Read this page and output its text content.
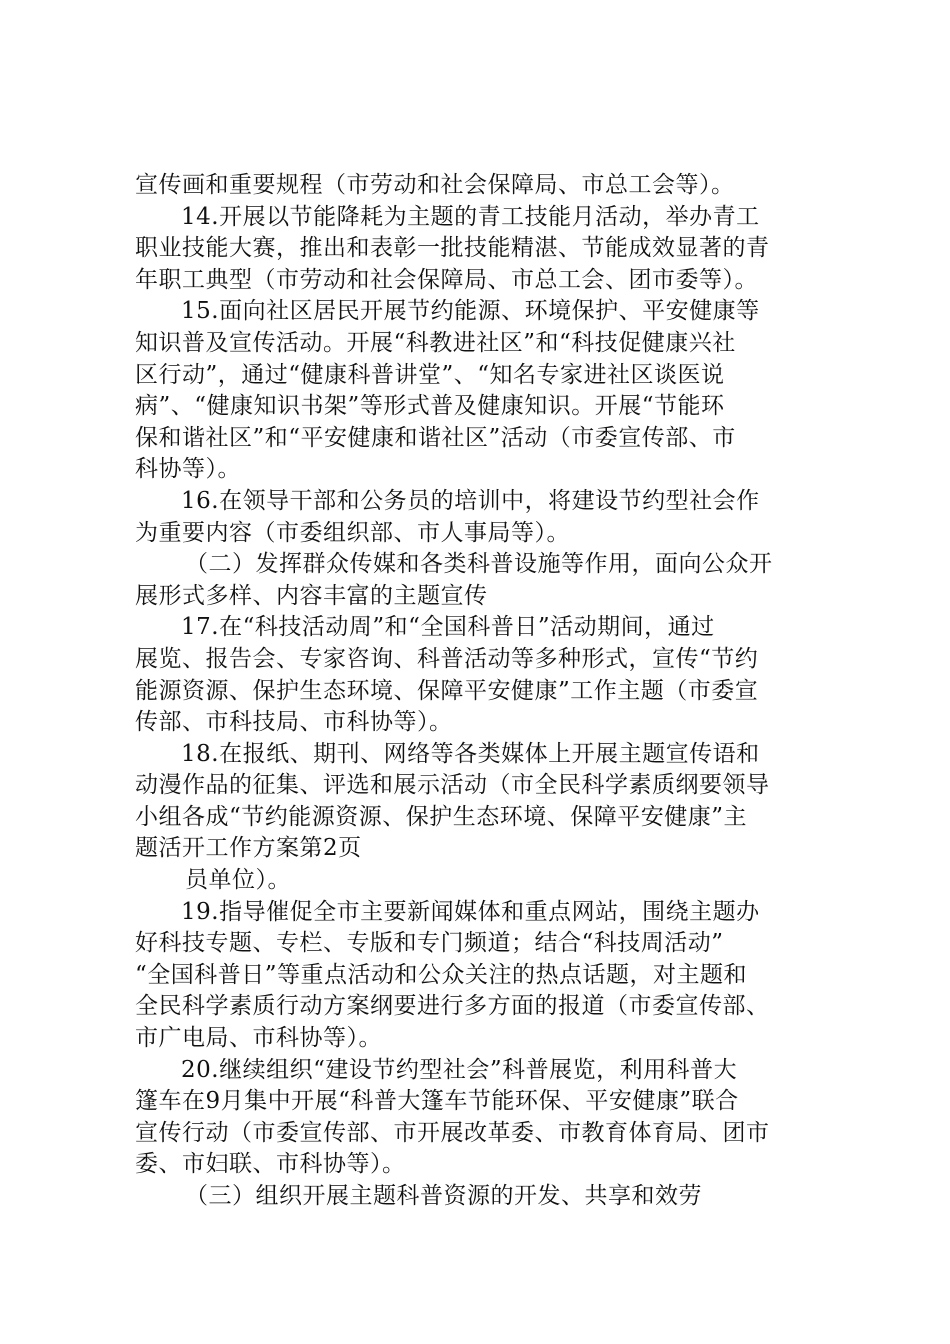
宣传画和重要规程（市劳动和社会保障局、市总工会等）。
14.开展以节能降耗为主题的青工技能月活动，举办青工
职业技能大赛，推出和表彰一批技能精湛、节能成效显著的青
年职工典型（市劳动和社会保障局、市总工会、团市委等）。
15.面向社区居民开展节约能源、环境保护、平安健康等
知识普及宣传活动。开展“科教进社区”和“科技促健康兴社
区行动”，通过“健康科普讲堂”、“知名专家进社区谈医说
病”、“健康知识书架”等形式普及健康知识。开展“节能环
保和谐社区”和“平安健康和谐社区”活动（市委宣传部、市
科协等）。
16.在领导干部和公务员的培训中，将建设节约型社会作
为重要内容（市委组织部、市人事局等）。
（二）发挥群众传媒和各类科普设施等作用，面向公众开
展形式多样、内容丰富的主题宣传
17.在“科技活动周”和“全国科普日”活动期间，通过
展览、报告会、专家咨询、科普活动等多种形式，宣传“节约
能源资源、保护生态环境、保障平安健康”工作主题（市委宣
传部、市科技局、市科协等）。
18.在报纸、期刊、网络等各类媒体上开展主题宣传语和
动漫作品的征集、评选和展示活动（市全民科学素质纲要领导
小组各成“节约能源资源、保护生态环境、保障平安健康”主
题活开工作方案第2页
员单位）。
19.指导催促全市主要新闻媒体和重点网站，围绕主题办
好科技专题、专栏、专版和专门频道；结合“科技周活动”
“全国科普日”等重点活动和公众关注的热点话题，对主题和
全民科学素质行动方案纲要进行多方面的报道（市委宣传部、
市广电局、市科协等）。
20.继续组织“建设节约型社会”科普展览，利用科普大
篷车在9月集中开展“科普大篷车节能环保、平安健康”联合
宣传行动（市委宣传部、市开展改革委、市教育体育局、团市
委、市妇联、市科协等）。
（三）组织开展主题科普资源的开发、共享和效劳
